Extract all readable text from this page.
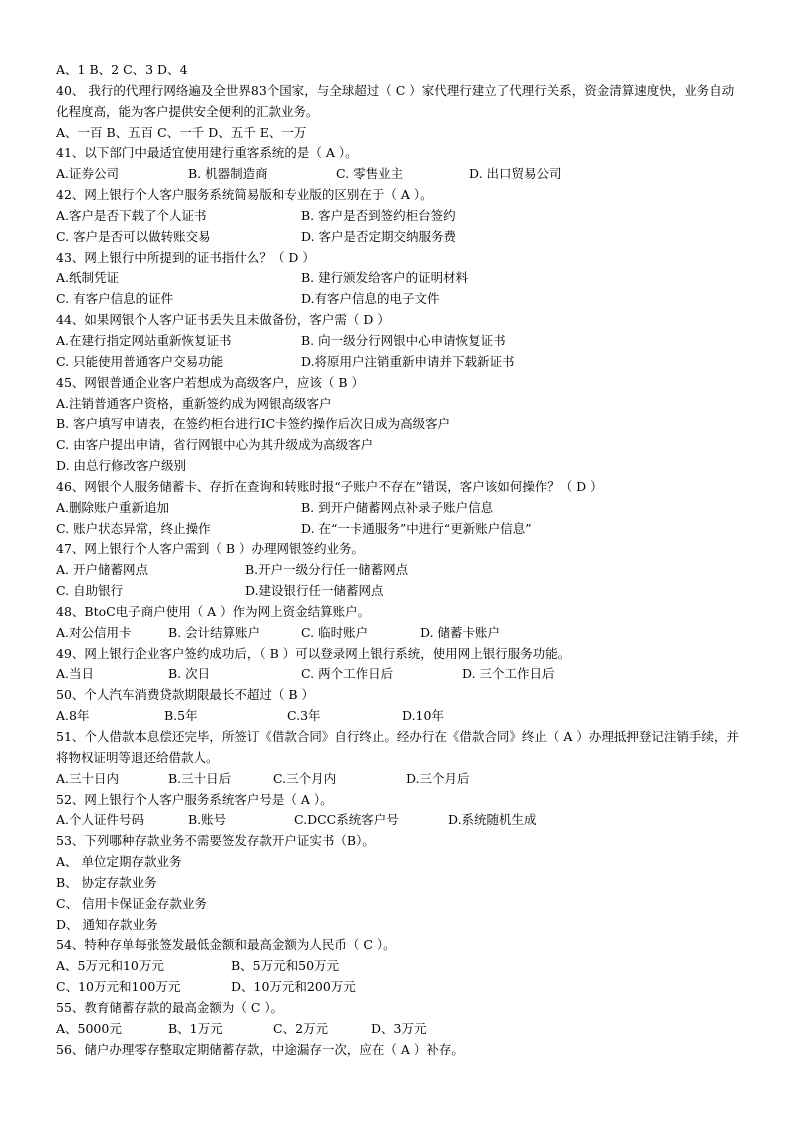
A、1 B、2 C、3 D、4
40、 我行的代理行网络遍及全世界83个国家，与全球超过（ C ）家代理行建立了代理行关系，资金清算速度快，业务自动化程度高，能为客户提供安全便利的汇款业务。
A、一百 B、五百 C、一千 D、五千 E、一万
41、以下部门中最适宜使用建行重客系统的是（ A ）。
A.证券公司	B. 机器制造商	C. 零售业主	D. 出口贸易公司
42、网上银行个人客户服务系统简易版和专业版的区别在于（ A ）。
A.客户是否下载了个人证书	B. 客户是否到签约柜台签约
C. 客户是否可以做转账交易	D. 客户是否定期交纳服务费
43、网上银行中所提到的证书指什么？（ D ）
A.纸制凭证	B. 建行颁发给客户的证明材料
C. 有客户信息的证件	D.有客户信息的电子文件
44、如果网银个人客户证书丢失且未做备份，客户需（ D ）
A.在建行指定网站重新恢复证书	B. 向一级分行网银中心申请恢复证书
C. 只能使用普通客户交易功能	D.将原用户注销重新申请并下载新证书
45、网银普通企业客户若想成为高级客户，应该（ B ）
A.注销普通客户资格，重新签约成为网银高级客户
B. 客户填写申请表，在签约柜台进行IC卡签约操作后次日成为高级客户
C. 由客户提出申请，省行网银中心为其升级成为高级客户
D. 由总行修改客户级别
46、网银个人服务储蓄卡、存折在查询和转账时报“子账户不存在”错误，客户该如何操作？（ D ）
A.删除账户重新追加	B. 到开户储蓄网点补录子账户信息
C. 账户状态异常，终止操作	D. 在“一卡通服务”中进行“更新账户信息”
47、网上银行个人客户需到（ B ）办理网银签约业务。
A. 开户储蓄网点	B.开户一级分行任一储蓄网点
C. 自助银行	D.建设银行任一储蓄网点
48、BtoC电子商户使用（ A ）作为网上资金结算账户。
A.对公信用卡	B. 会计结算账户	C. 临时账户	D. 储蓄卡账户
49、网上银行企业客户签约成功后，（ B ）可以登录网上银行系统，使用网上银行服务功能。
A.当日	B. 次日	C. 两个工作日后	D. 三个工作日后
50、个人汽车消费贷款期限最长不超过（ B ）
A.8年	B.5年	C.3年	D.10年
51、个人借款本息偿还完毕，所签订《借款合同》自行终止。经办行在《借款合同》终止（ A ）办理抵押登记注销手续，并将物权证明等退还给借款人。
A.三十日内	B.三十日后	C.三个月内	D.三个月后
52、网上银行个人客户服务系统客户号是（ A ）。
A.个人证件号码	B.账号	C.DCC系统客户号	D.系统随机生成
53、下列哪种存款业务不需要签发存款开户证实书（B）。
A、 单位定期存款业务
B、 协定存款业务
C、 信用卡保证金存款业务
D、 通知存款业务
54、特种存单每张签发最低金额和最高金额为人民币（ C ）。
A、5万元和10万元	B、5万元和50万元
C、10万元和100万元	D、10万元和200万元
55、教育储蓄存款的最高金额为（ C ）。
A、5000元	B、1万元	C、2万元	D、3万元
56、储户办理零存整取定期储蓄存款，中途漏存一次，应在（ A ）补存。
